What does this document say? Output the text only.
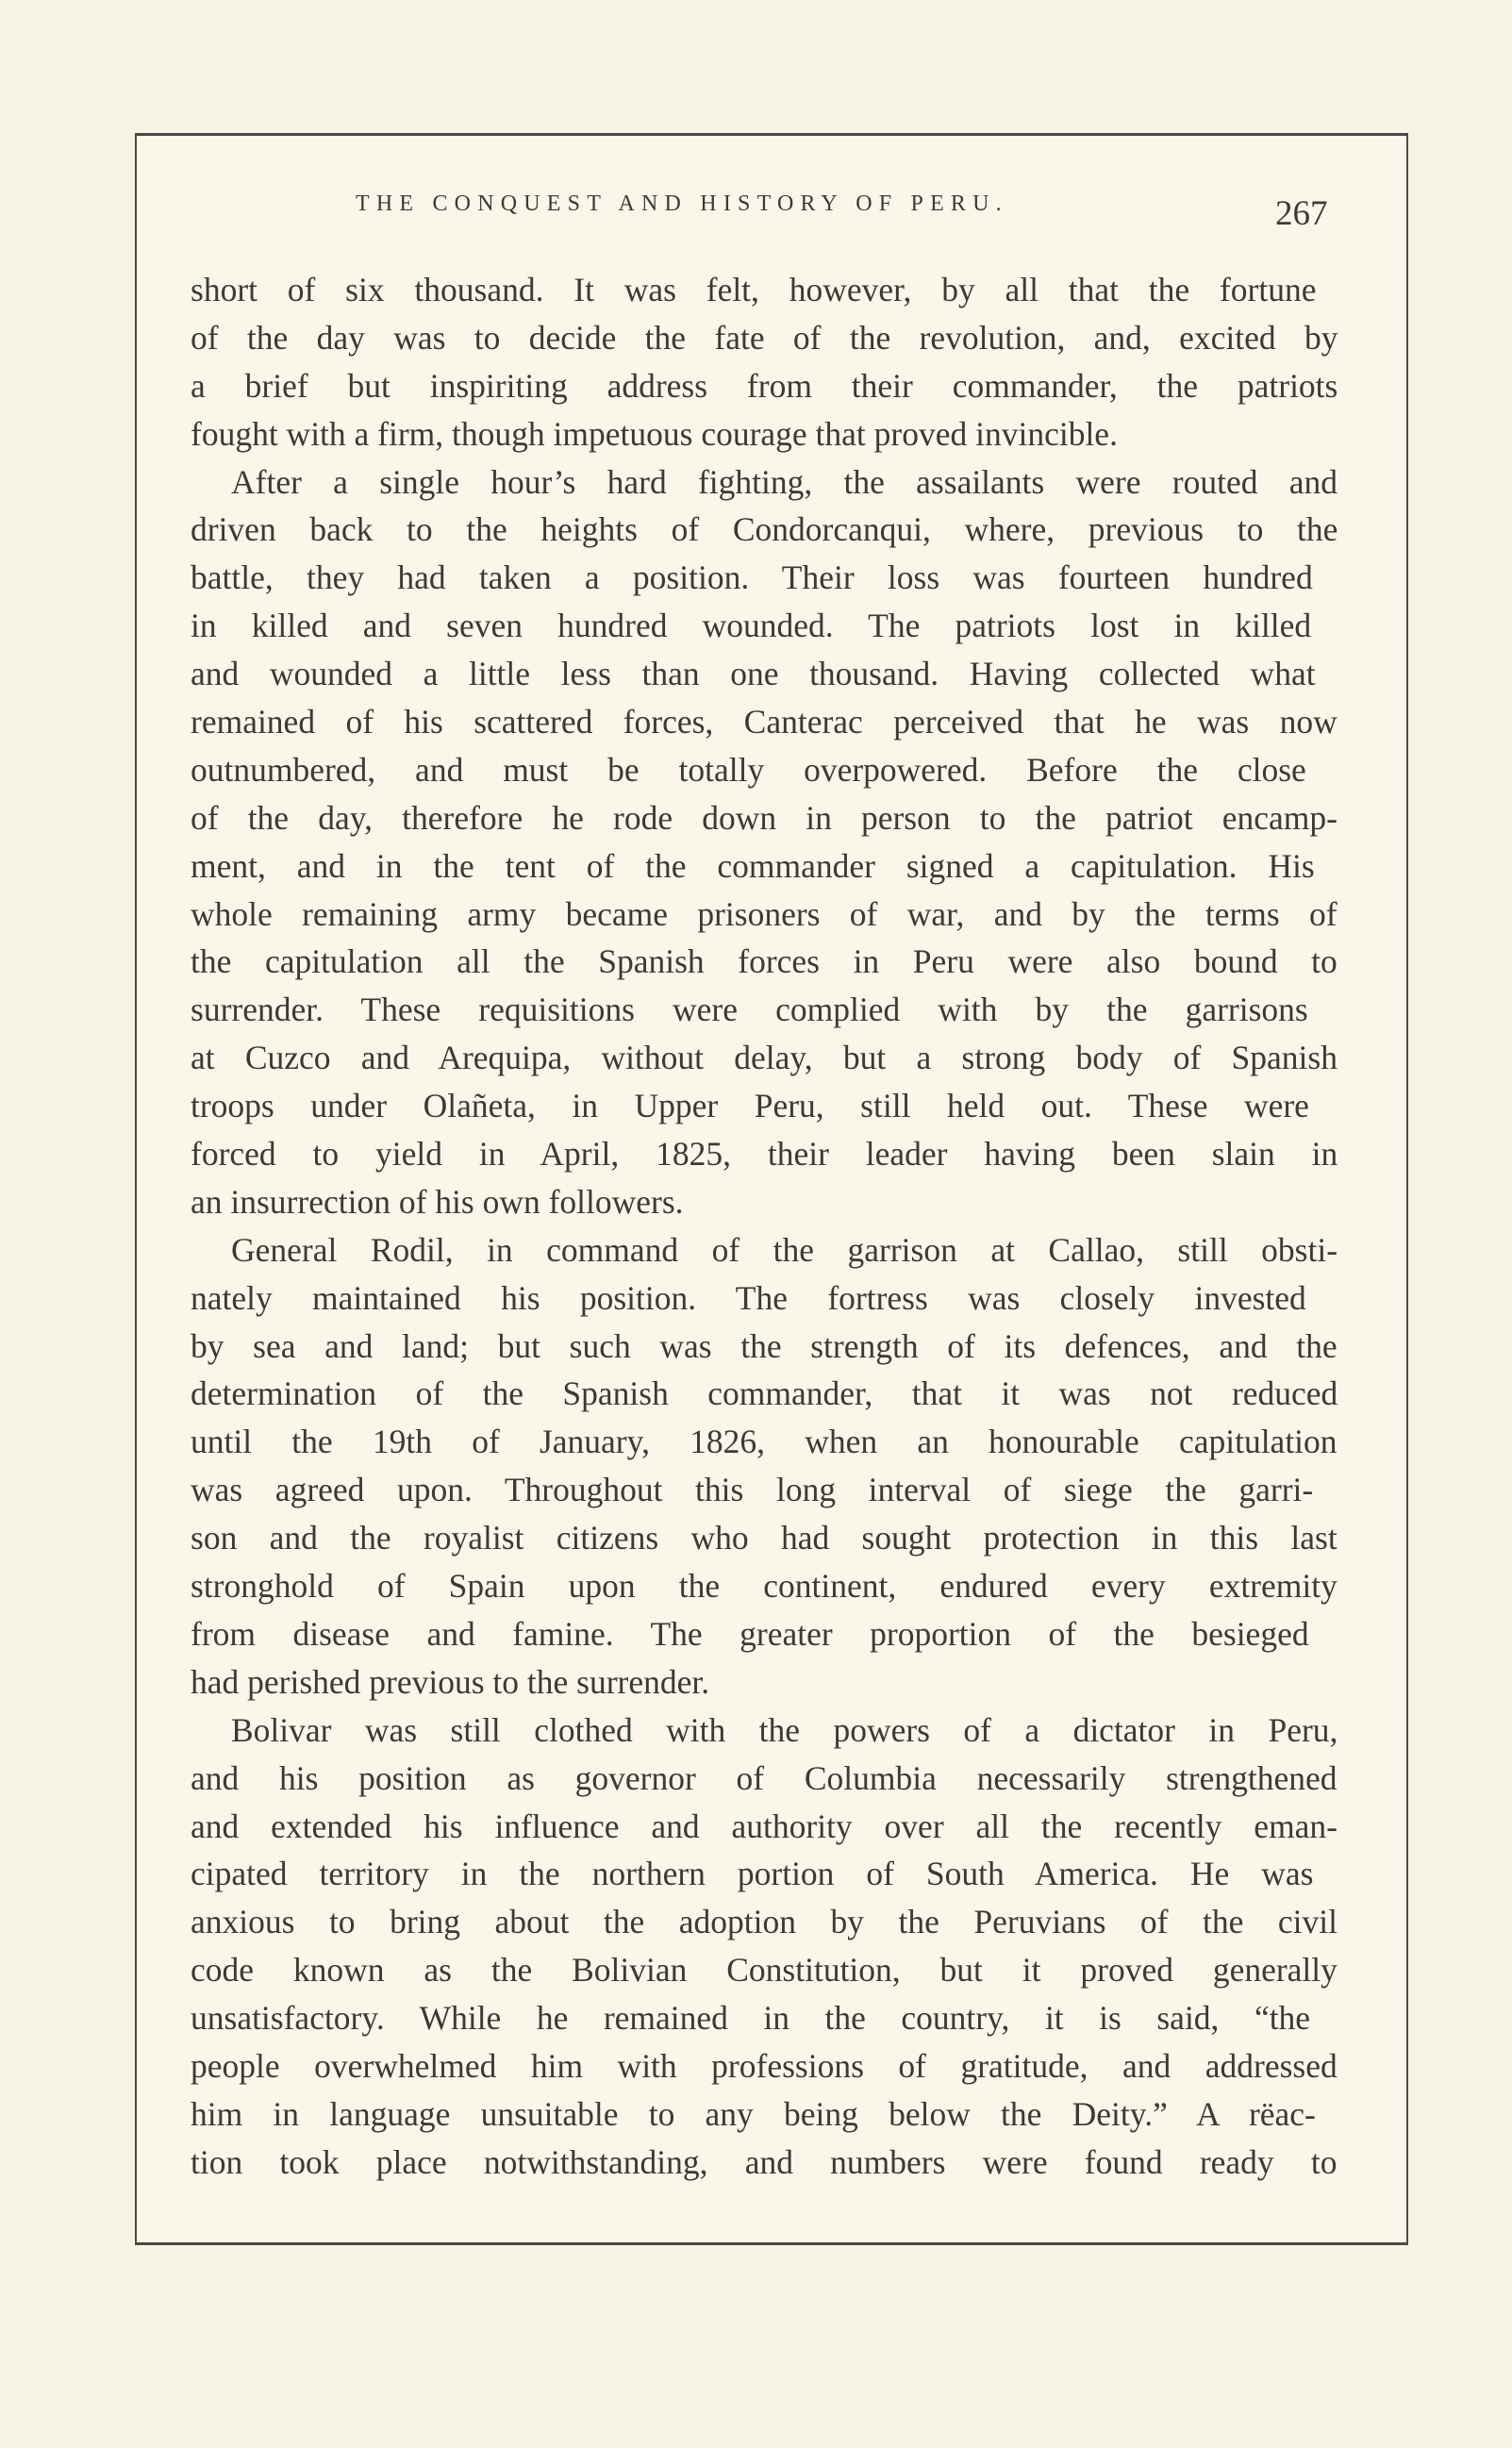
THE CONQUEST AND HISTORY OF PERU.	267
short of six thousand. It was felt, however, by all that the fortune
of the day was to decide the fate of the revolution, and, excited by
a brief but inspiriting address from their commander, the patriots
fought with a firm, though impetuous courage that proved invincible.
After a single hour’s hard fighting, the assailants were routed and
driven back to the heights of Condorcanqui, where, previous to the
battle, they had taken a position. Their loss was fourteen hundred
in killed and seven hundred wounded. The patriots lost in killed
and wounded a little less than one thousand. Having collected what
remained of his scattered forces, Canterac perceived that he was now
outnumbered, and must be totally overpowered. Before the close
of the day, therefore he rode down in person to the patriot encamp-
ment, and in the tent of the commander signed a capitulation. His
whole remaining army became prisoners of war, and by the terms of
the capitulation all the Spanish forces in Peru were also bound to
surrender. These requisitions were complied with by the garrisons
at Cuzco and Arequipa, without delay, but a strong body of Spanish
troops under Olañeta, in Upper Peru, still held out. These were
forced to yield in April, 1825, their leader having been slain in
an insurrection of his own followers.
General Rodil, in command of the garrison at Callao, still obsti-
nately maintained his position. The fortress was closely invested
by sea and land; but such was the strength of its defences, and the
determination of the Spanish commander, that it was not reduced
until the 19th of January, 1826, when an honourable capitulation
was agreed upon. Throughout this long interval of siege the garri-
son and the royalist citizens who had sought protection in this last
stronghold of Spain upon the continent, endured every extremity
from disease and famine. The greater proportion of the besieged
had perished previous to the surrender.
Bolivar was still clothed with the powers of a dictator in Peru,
and his position as governor of Columbia necessarily strengthened
and extended his influence and authority over all the recently eman-
cipated territory in the northern portion of South America. He was
anxious to bring about the adoption by the Peruvians of the civil
code known as the Bolivian Constitution, but it proved generally
unsatisfactory. While he remained in the country, it is said, “the
people overwhelmed him with professions of gratitude, and addressed
him in language unsuitable to any being below the Deity.” A rëac-
tion took place notwithstanding, and numbers were found ready to
